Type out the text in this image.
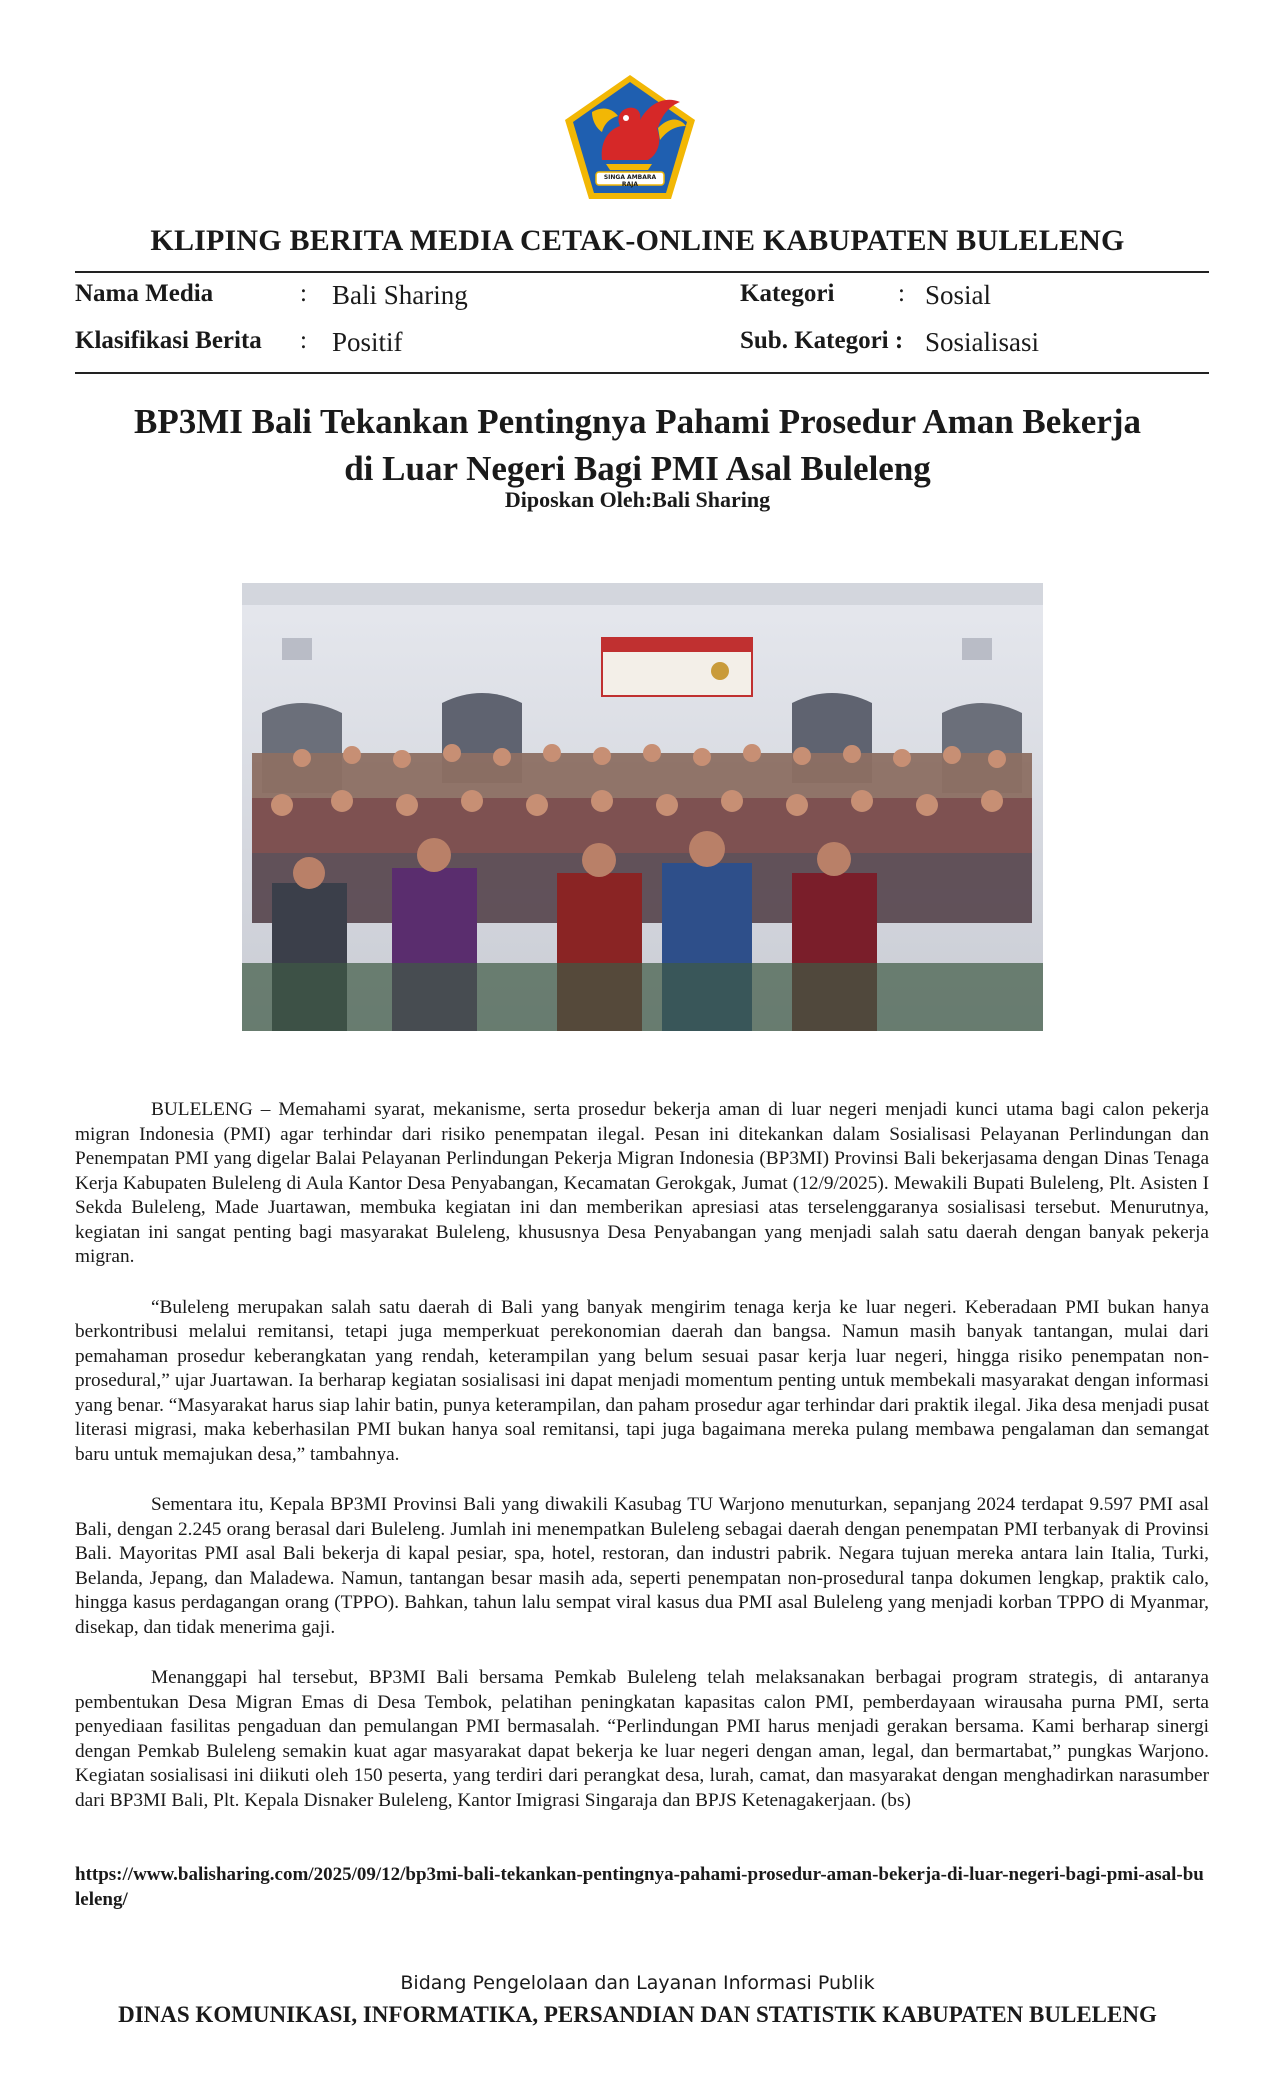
SINGA AMBARA RAJA
KLIPING BERITA MEDIA CETAK-ONLINE KABUPATEN BULELENG
Nama Media	: Bali Sharing	Kategori	: Sosial
Klasifikasi Berita : Positif	Sub. Kategori : Sosialisasi
BP3MI Bali Tekankan Pentingnya Pahami Prosedur Aman Bekerja
di Luar Negeri Bagi PMI Asal Buleleng
Diposkan Oleh:Bali Sharing

BULELENG – Memahami syarat, mekanisme, serta prosedur bekerja aman di luar negeri menjadi kunci utama bagi calon pekerja migran Indonesia (PMI) agar terhindar dari risiko penempatan ilegal. Pesan ini ditekankan dalam Sosialisasi Pelayanan Perlindungan dan Penempatan PMI yang digelar Balai Pelayanan Perlindungan Pekerja Migran Indonesia (BP3MI) Provinsi Bali bekerjasama dengan Dinas Tenaga Kerja Kabupaten Buleleng di Aula Kantor Desa Penyabangan, Kecamatan Gerokgak, Jumat (12/9/2025). Mewakili Bupati Buleleng, Plt. Asisten I Sekda Buleleng, Made Juartawan, membuka kegiatan ini dan memberikan apresiasi atas terselenggaranya sosialisasi tersebut. Menurutnya, kegiatan ini sangat penting bagi masyarakat Buleleng, khususnya Desa Penyabangan yang menjadi salah satu daerah dengan banyak pekerja migran.

“Buleleng merupakan salah satu daerah di Bali yang banyak mengirim tenaga kerja ke luar negeri. Keberadaan PMI bukan hanya berkontribusi melalui remitansi, tetapi juga memperkuat perekonomian daerah dan bangsa. Namun masih banyak tantangan, mulai dari pemahaman prosedur keberangkatan yang rendah, keterampilan yang belum sesuai pasar kerja luar negeri, hingga risiko penempatan non-prosedural,” ujar Juartawan. Ia berharap kegiatan sosialisasi ini dapat menjadi momentum penting untuk membekali masyarakat dengan informasi yang benar. “Masyarakat harus siap lahir batin, punya keterampilan, dan paham prosedur agar terhindar dari praktik ilegal. Jika desa menjadi pusat literasi migrasi, maka keberhasilan PMI bukan hanya soal remitansi, tapi juga bagaimana mereka pulang membawa pengalaman dan semangat baru untuk memajukan desa,” tambahnya.

Sementara itu, Kepala BP3MI Provinsi Bali yang diwakili Kasubag TU Warjono menuturkan, sepanjang 2024 terdapat 9.597 PMI asal Bali, dengan 2.245 orang berasal dari Buleleng. Jumlah ini menempatkan Buleleng sebagai daerah dengan penempatan PMI terbanyak di Provinsi Bali. Mayoritas PMI asal Bali bekerja di kapal pesiar, spa, hotel, restoran, dan industri pabrik. Negara tujuan mereka antara lain Italia, Turki, Belanda, Jepang, dan Maladewa. Namun, tantangan besar masih ada, seperti penempatan non-prosedural tanpa dokumen lengkap, praktik calo, hingga kasus perdagangan orang (TPPO). Bahkan, tahun lalu sempat viral kasus dua PMI asal Buleleng yang menjadi korban TPPO di Myanmar, disekap, dan tidak menerima gaji.

Menanggapi hal tersebut, BP3MI Bali bersama Pemkab Buleleng telah melaksanakan berbagai program strategis, di antaranya pembentukan Desa Migran Emas di Desa Tembok, pelatihan peningkatan kapasitas calon PMI, pemberdayaan wirausaha purna PMI, serta penyediaan fasilitas pengaduan dan pemulangan PMI bermasalah. “Perlindungan PMI harus menjadi gerakan bersama. Kami berharap sinergi dengan Pemkab Buleleng semakin kuat agar masyarakat dapat bekerja ke luar negeri dengan aman, legal, dan bermartabat,” pungkas Warjono. Kegiatan sosialisasi ini diikuti oleh 150 peserta, yang terdiri dari perangkat desa, lurah, camat, dan masyarakat dengan menghadirkan narasumber dari BP3MI Bali, Plt. Kepala Disnaker Buleleng, Kantor Imigrasi Singaraja dan BPJS Ketenagakerjaan. (bs)

https://www.balisharing.com/2025/09/12/bp3mi-bali-tekankan-pentingnya-pahami-prosedur-aman-bekerja-di-luar-negeri-bagi-pmi-asal-buleleng/
Bidang Pengelolaan dan Layanan Informasi Publik
DINAS KOMUNIKASI, INFORMATIKA, PERSANDIAN DAN STATISTIK KABUPATEN BULELENG
